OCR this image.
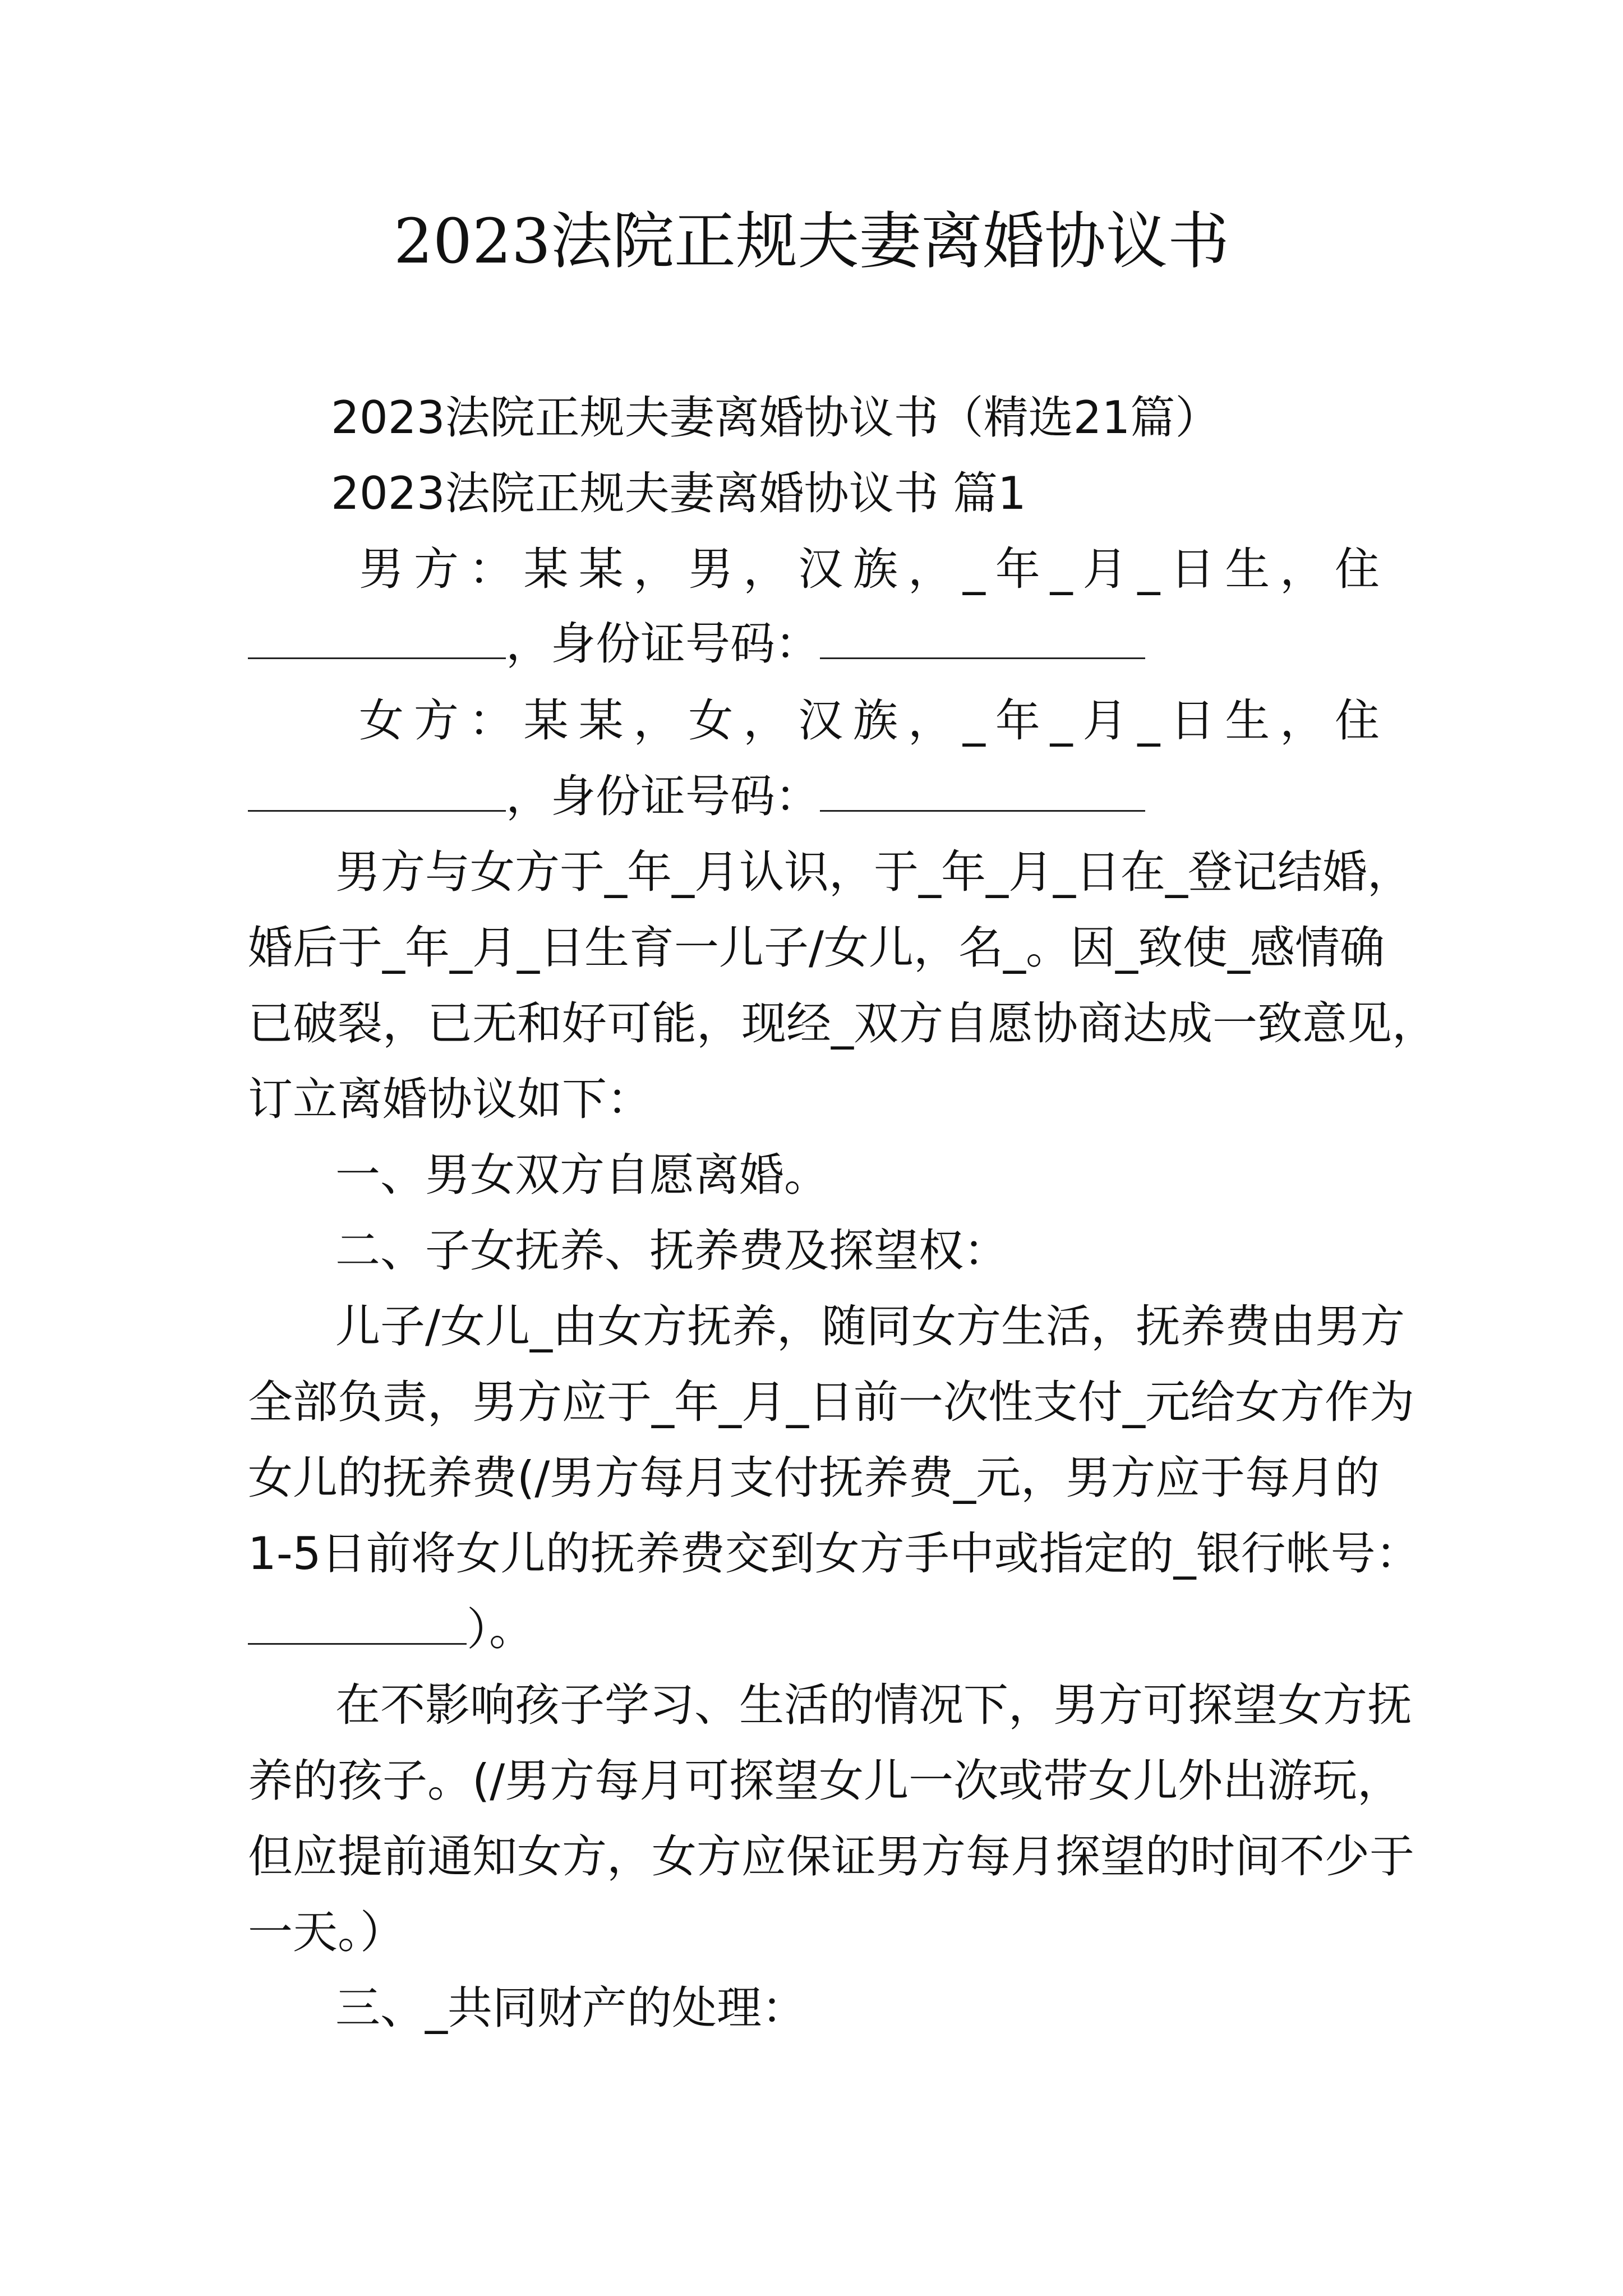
2023法院正规夫妻离婚协议书
2023法院正规夫妻离婚协议书（精选21篇）
2023法院正规夫妻离婚协议书 篇1
男方：某某，男，汉族，_年_月_日生，住
，身份证号码：
女方：某某，女，汉族，_年_月_日生，住
，身份证号码：
男方与女方于_年_月认识，于_年_月_日在_登记结婚，
婚后于_年_月_日生育一儿子/女儿，名_。因_致使_感情确
已破裂，已无和好可能，现经_双方自愿协商达成一致意见，
订立离婚协议如下：
一、男女双方自愿离婚。
二、子女抚养、抚养费及探望权：
儿子/女儿_由女方抚养，随同女方生活，抚养费由男方
全部负责，男方应于_年_月_日前一次性支付_元给女方作为
女儿的抚养费(/男方每月支付抚养费_元，男方应于每月的
1-5日前将女儿的抚养费交到女方手中或指定的_银行帐号：
）。
在不影响孩子学习、生活的情况下，男方可探望女方抚
养的孩子。(/男方每月可探望女儿一次或带女儿外出游玩，
但应提前通知女方，女方应保证男方每月探望的时间不少于
一天。）
三、_共同财产的处理：
